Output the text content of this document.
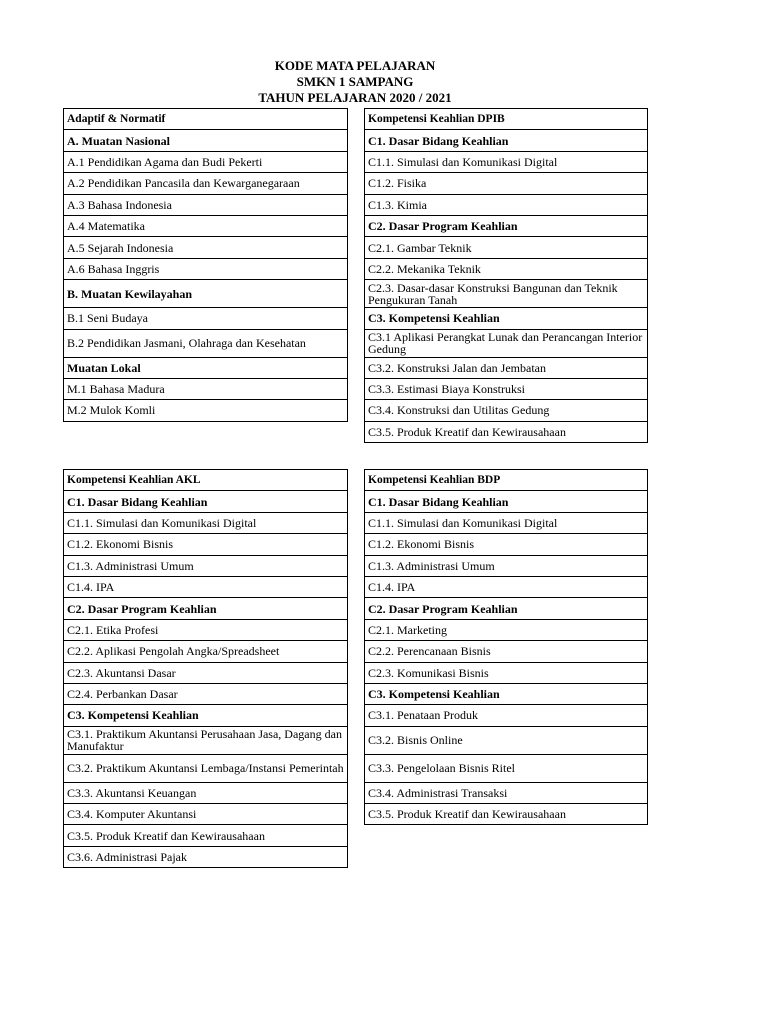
KODE MATA PELAJARAN
SMKN 1 SAMPANG
TAHUN PELAJARAN 2020 / 2021
Adaptif & Normatif
A. Muatan Nasional
A.1 Pendidikan Agama dan Budi Pekerti
A.2 Pendidikan Pancasila dan Kewarganegaraan
A.3 Bahasa Indonesia
A.4 Matematika
A.5 Sejarah Indonesia
A.6 Bahasa Inggris
B. Muatan Kewilayahan
B.1 Seni Budaya
B.2 Pendidikan Jasmani, Olahraga dan Kesehatan
Muatan Lokal
M.1 Bahasa Madura
M.2 Mulok Komli
Kompetensi Keahlian DPIB
C1. Dasar Bidang Keahlian
C1.1. Simulasi dan Komunikasi Digital
C1.2. Fisika
C1.3. Kimia
C2. Dasar Program Keahlian
C2.1. Gambar Teknik
C2.2. Mekanika Teknik
C2.3. Dasar-dasar Konstruksi Bangunan dan Teknik Pengukuran Tanah
C3. Kompetensi Keahlian
C3.1 Aplikasi Perangkat Lunak dan Perancangan Interior Gedung
C3.2. Konstruksi Jalan dan Jembatan
C3.3. Estimasi Biaya Konstruksi
C3.4. Konstruksi dan Utilitas Gedung
C3.5. Produk Kreatif dan Kewirausahaan
Kompetensi Keahlian AKL
C1. Dasar Bidang Keahlian
C1.1. Simulasi dan Komunikasi Digital
C1.2. Ekonomi Bisnis
C1.3. Administrasi Umum
C1.4. IPA
C2. Dasar Program Keahlian
C2.1. Etika Profesi
C2.2. Aplikasi Pengolah Angka/Spreadsheet
C2.3. Akuntansi Dasar
C2.4. Perbankan Dasar
C3. Kompetensi Keahlian
C3.1. Praktikum Akuntansi Perusahaan Jasa, Dagang dan Manufaktur
C3.2. Praktikum Akuntansi Lembaga/Instansi Pemerintah
C3.3. Akuntansi Keuangan
C3.4. Komputer Akuntansi
C3.5. Produk Kreatif dan Kewirausahaan
C3.6. Administrasi Pajak
Kompetensi Keahlian BDP
C1. Dasar Bidang Keahlian
C1.1. Simulasi dan Komunikasi Digital
C1.2. Ekonomi Bisnis
C1.3. Administrasi Umum
C1.4. IPA
C2. Dasar Program Keahlian
C2.1. Marketing
C2.2. Perencanaan Bisnis
C2.3. Komunikasi Bisnis
C3. Kompetensi Keahlian
C3.1. Penataan Produk
C3.2. Bisnis Online
C3.3. Pengelolaan Bisnis Ritel
C3.4. Administrasi Transaksi
C3.5. Produk Kreatif dan Kewirausahaan
